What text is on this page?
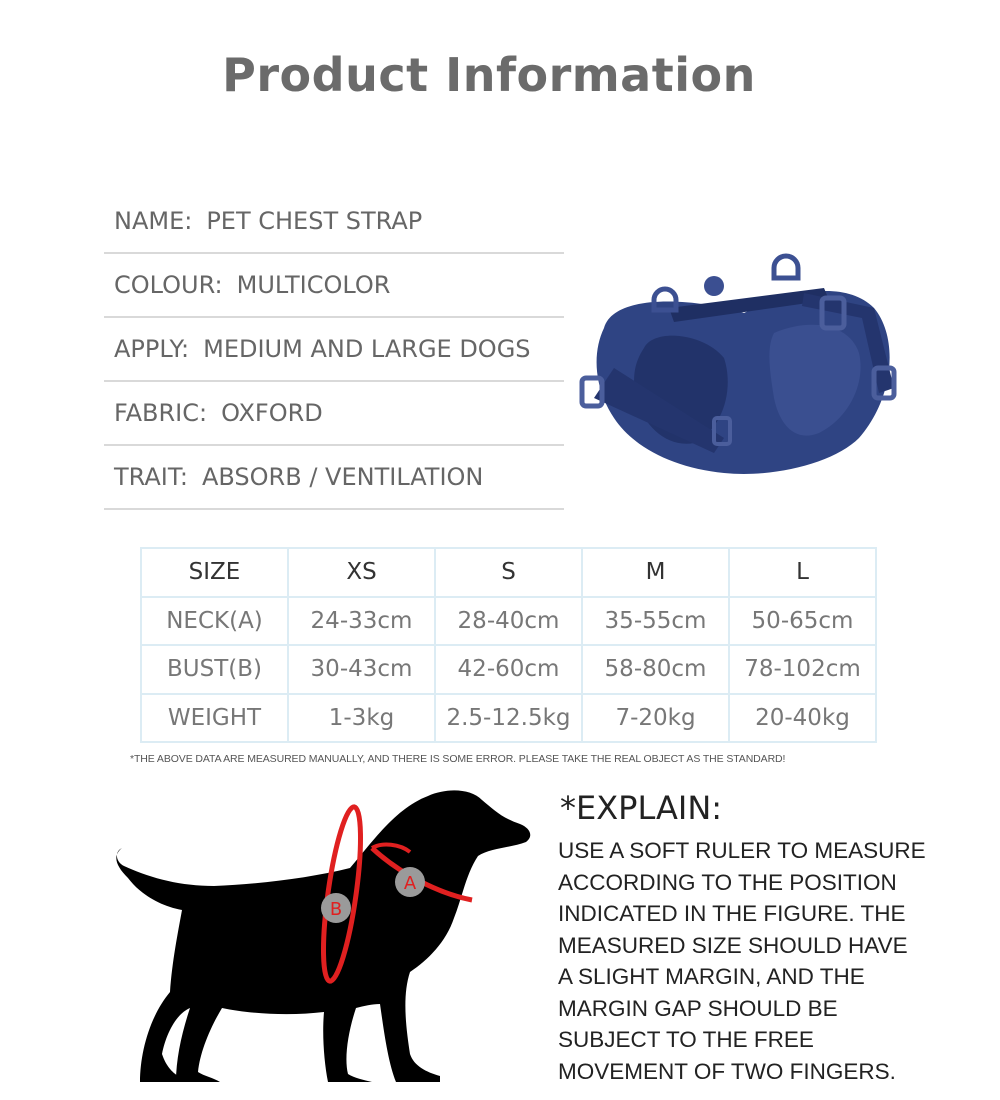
Product Information
NAME: PET CHEST STRAP
COLOUR: MULTICOLOR
APPLY: MEDIUM AND LARGE DOGS
FABRIC: OXFORD
TRAIT: ABSORB / VENTILATION
SIZE	XS	S	M	L
NECK(A)	24-33cm	28-40cm	35-55cm	50-65cm
BUST(B)	30-43cm	42-60cm	58-80cm	78-102cm
WEIGHT	1-3kg	2.5-12.5kg	7-20kg	20-40kg
*THE ABOVE DATA ARE MEASURED MANUALLY, AND THERE IS SOME ERROR. PLEASE TAKE THE REAL OBJECT AS THE STANDARD!
A
B
*EXPLAIN:
USE A SOFT RULER TO MEASURE
ACCORDING TO THE POSITION
INDICATED IN THE FIGURE. THE
MEASURED SIZE SHOULD HAVE
A SLIGHT MARGIN, AND THE
MARGIN GAP SHOULD BE
SUBJECT TO THE FREE
MOVEMENT OF TWO FINGERS.
